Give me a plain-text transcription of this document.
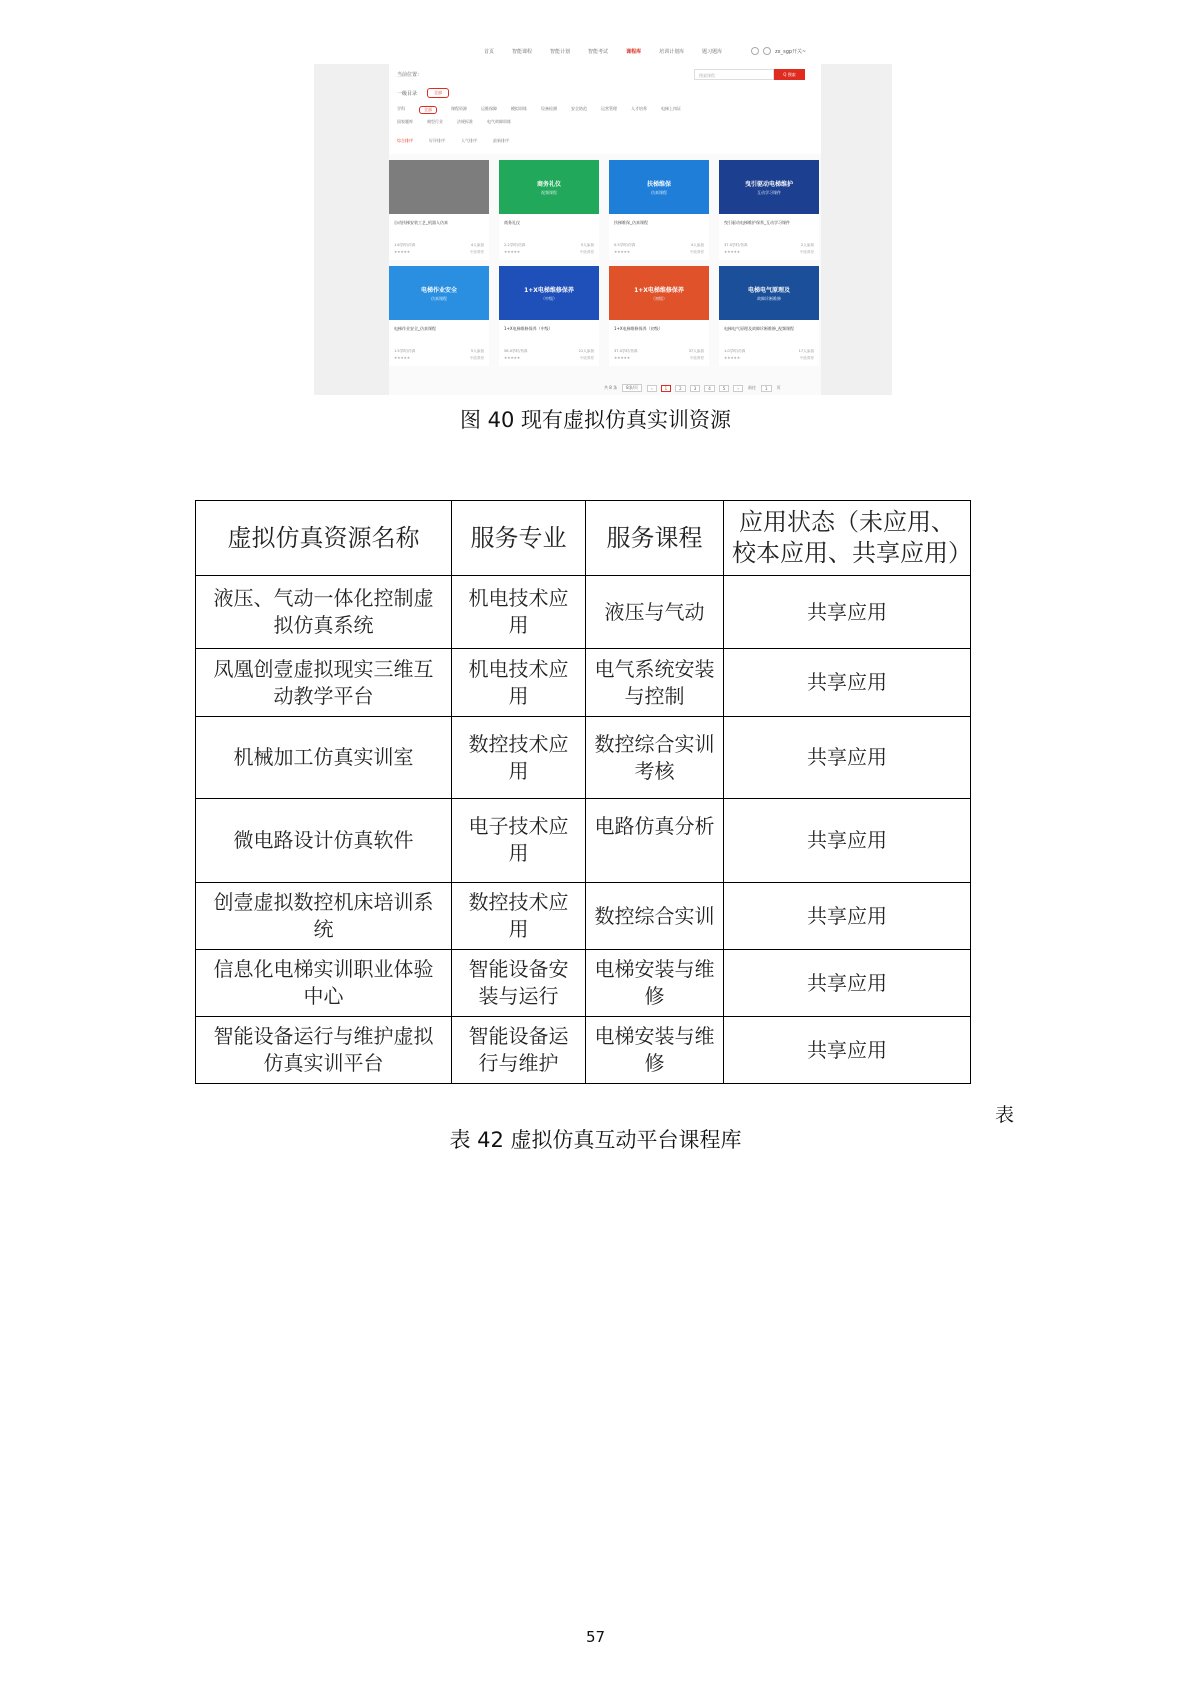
首页	智能课程	智能计划	智能考试	课程库	培训计划库	题习题库	zx_sgp开关~
当前位置：	搜索课程	Q 搜索
一级目录	全部
学科	全部	课程资源	运维保障	模拟训练	设备检测	安全防范	运营管理	人才培养	电梯上岗证
国家题库	典型行业	法规标准	电气故障训练
综合排序	好评排序	人气排序	最新排序
自动扶梯安装工艺_机器人仿真
1.6学时/仿真	4人参加
★★★★★	中级课程
商务礼仪
视频课程
商务礼仪
2.2学时/仿真	5人参加
★★★★★	中级课程
扶梯维保
仿真课程
扶梯维保_仿真课程
0.5学时/仿真	4人参加
★★★★★	中级课程
曳引驱动电梯维护
互动学习课件
曳引驱动电梯维护保养_互动学习课件
37.0学时/仿真	2人参加
★★★★★	中级课程
电梯作业安全
仿真课程
电梯作业安全_仿真课程
1.5学时/仿真	5人参加
★★★★★	中级课程
1+X电梯维修保养
（中级）
1+X电梯维修保养（中级）
58.0学时/仿真	21人参加
★★★★★	中级课程
1+X电梯维修保养
（初级）
1+X电梯维修保养（初级）
37.0学时/仿真	37人参加
★★★★★	中级课程
电梯电气原理及
故障诊断维修
电梯电气原理及故障诊断维修_视频课程
1.0学时/仿真	17人参加
★★★★★	中级课程
共 8 条	8条/页	‹	1	2	3	4	5	›	前往	1	页
图 40 现有虚拟仿真实训资源
虚拟仿真资源名称	服务专业	服务课程	应用状态（未应用、校本应用、共享应用）
液压、气动一体化控制虚拟仿真系统	机电技术应用	液压与气动	共享应用
凤凰创壹虚拟现实三维互动教学平台	机电技术应用	电气系统安装与控制	共享应用
机械加工仿真实训室	数控技术应用	数控综合实训考核	共享应用
微电路设计仿真软件	电子技术应用	电路仿真分析	共享应用
创壹虚拟数控机床培训系统	数控技术应用	数控综合实训	共享应用
信息化电梯实训职业体验中心	智能设备安装与运行	电梯安装与维修	共享应用
智能设备运行与维护虚拟仿真实训平台	智能设备运行与维护	电梯安装与维修	共享应用
表
表 42 虚拟仿真互动平台课程库
57
